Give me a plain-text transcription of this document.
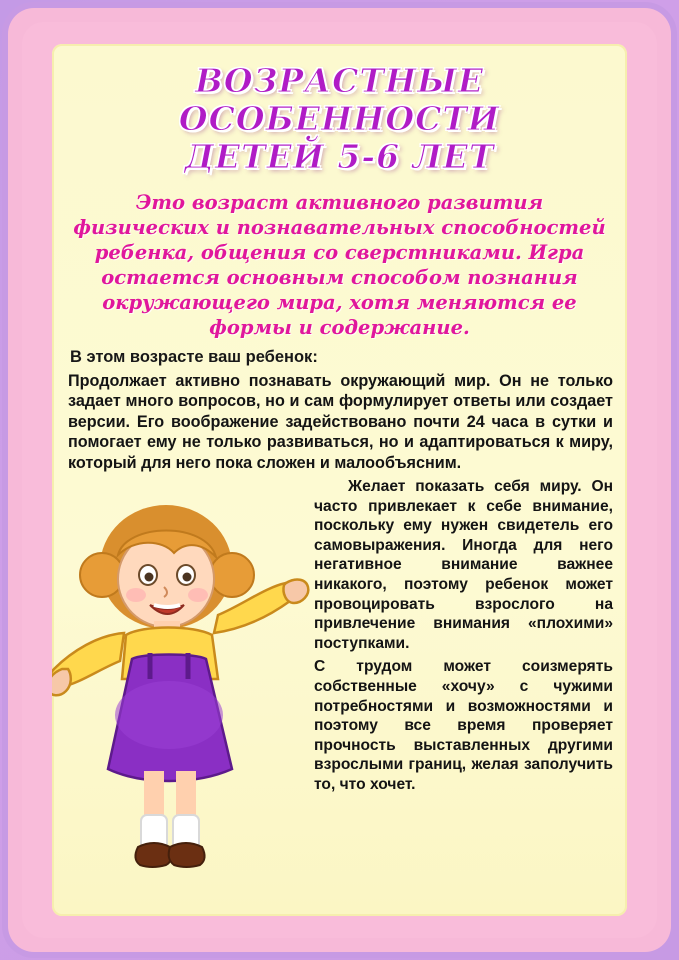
ВОЗРАСТНЫЕ ОСОБЕННОСТИ
ДЕТЕЙ 5-6 ЛЕТ
Это возраст активного развития физических и познавательных способностей ребенка, общения со сверстниками. Игра остается основным способом познания окружающего мира, хотя меняются ее формы и содержание.
В этом возрасте ваш ребенок:
Продолжает активно познавать окружающий мир. Он не только задает много вопросов, но и сам формулирует ответы или создает версии. Его воображение задействовано почти 24 часа в сутки и помогает ему не только развиваться, но и адаптироваться к миру, который для него пока сложен и малообъясним.

Желает показать себя миру. Он часто привлекает к себе внимание, поскольку ему нужен свидетель его самовыражения. Иногда для него негативное внимание важнее никакого, поэтому ребенок может провоцировать взрослого на привлечение внимания «плохими» поступками.

С трудом может соизмерять собственные «хочу» с чужими потребностями и возможностями и поэтому все время проверяет прочность выставленных другими взрослыми границ, желая заполучить то, что хочет.
